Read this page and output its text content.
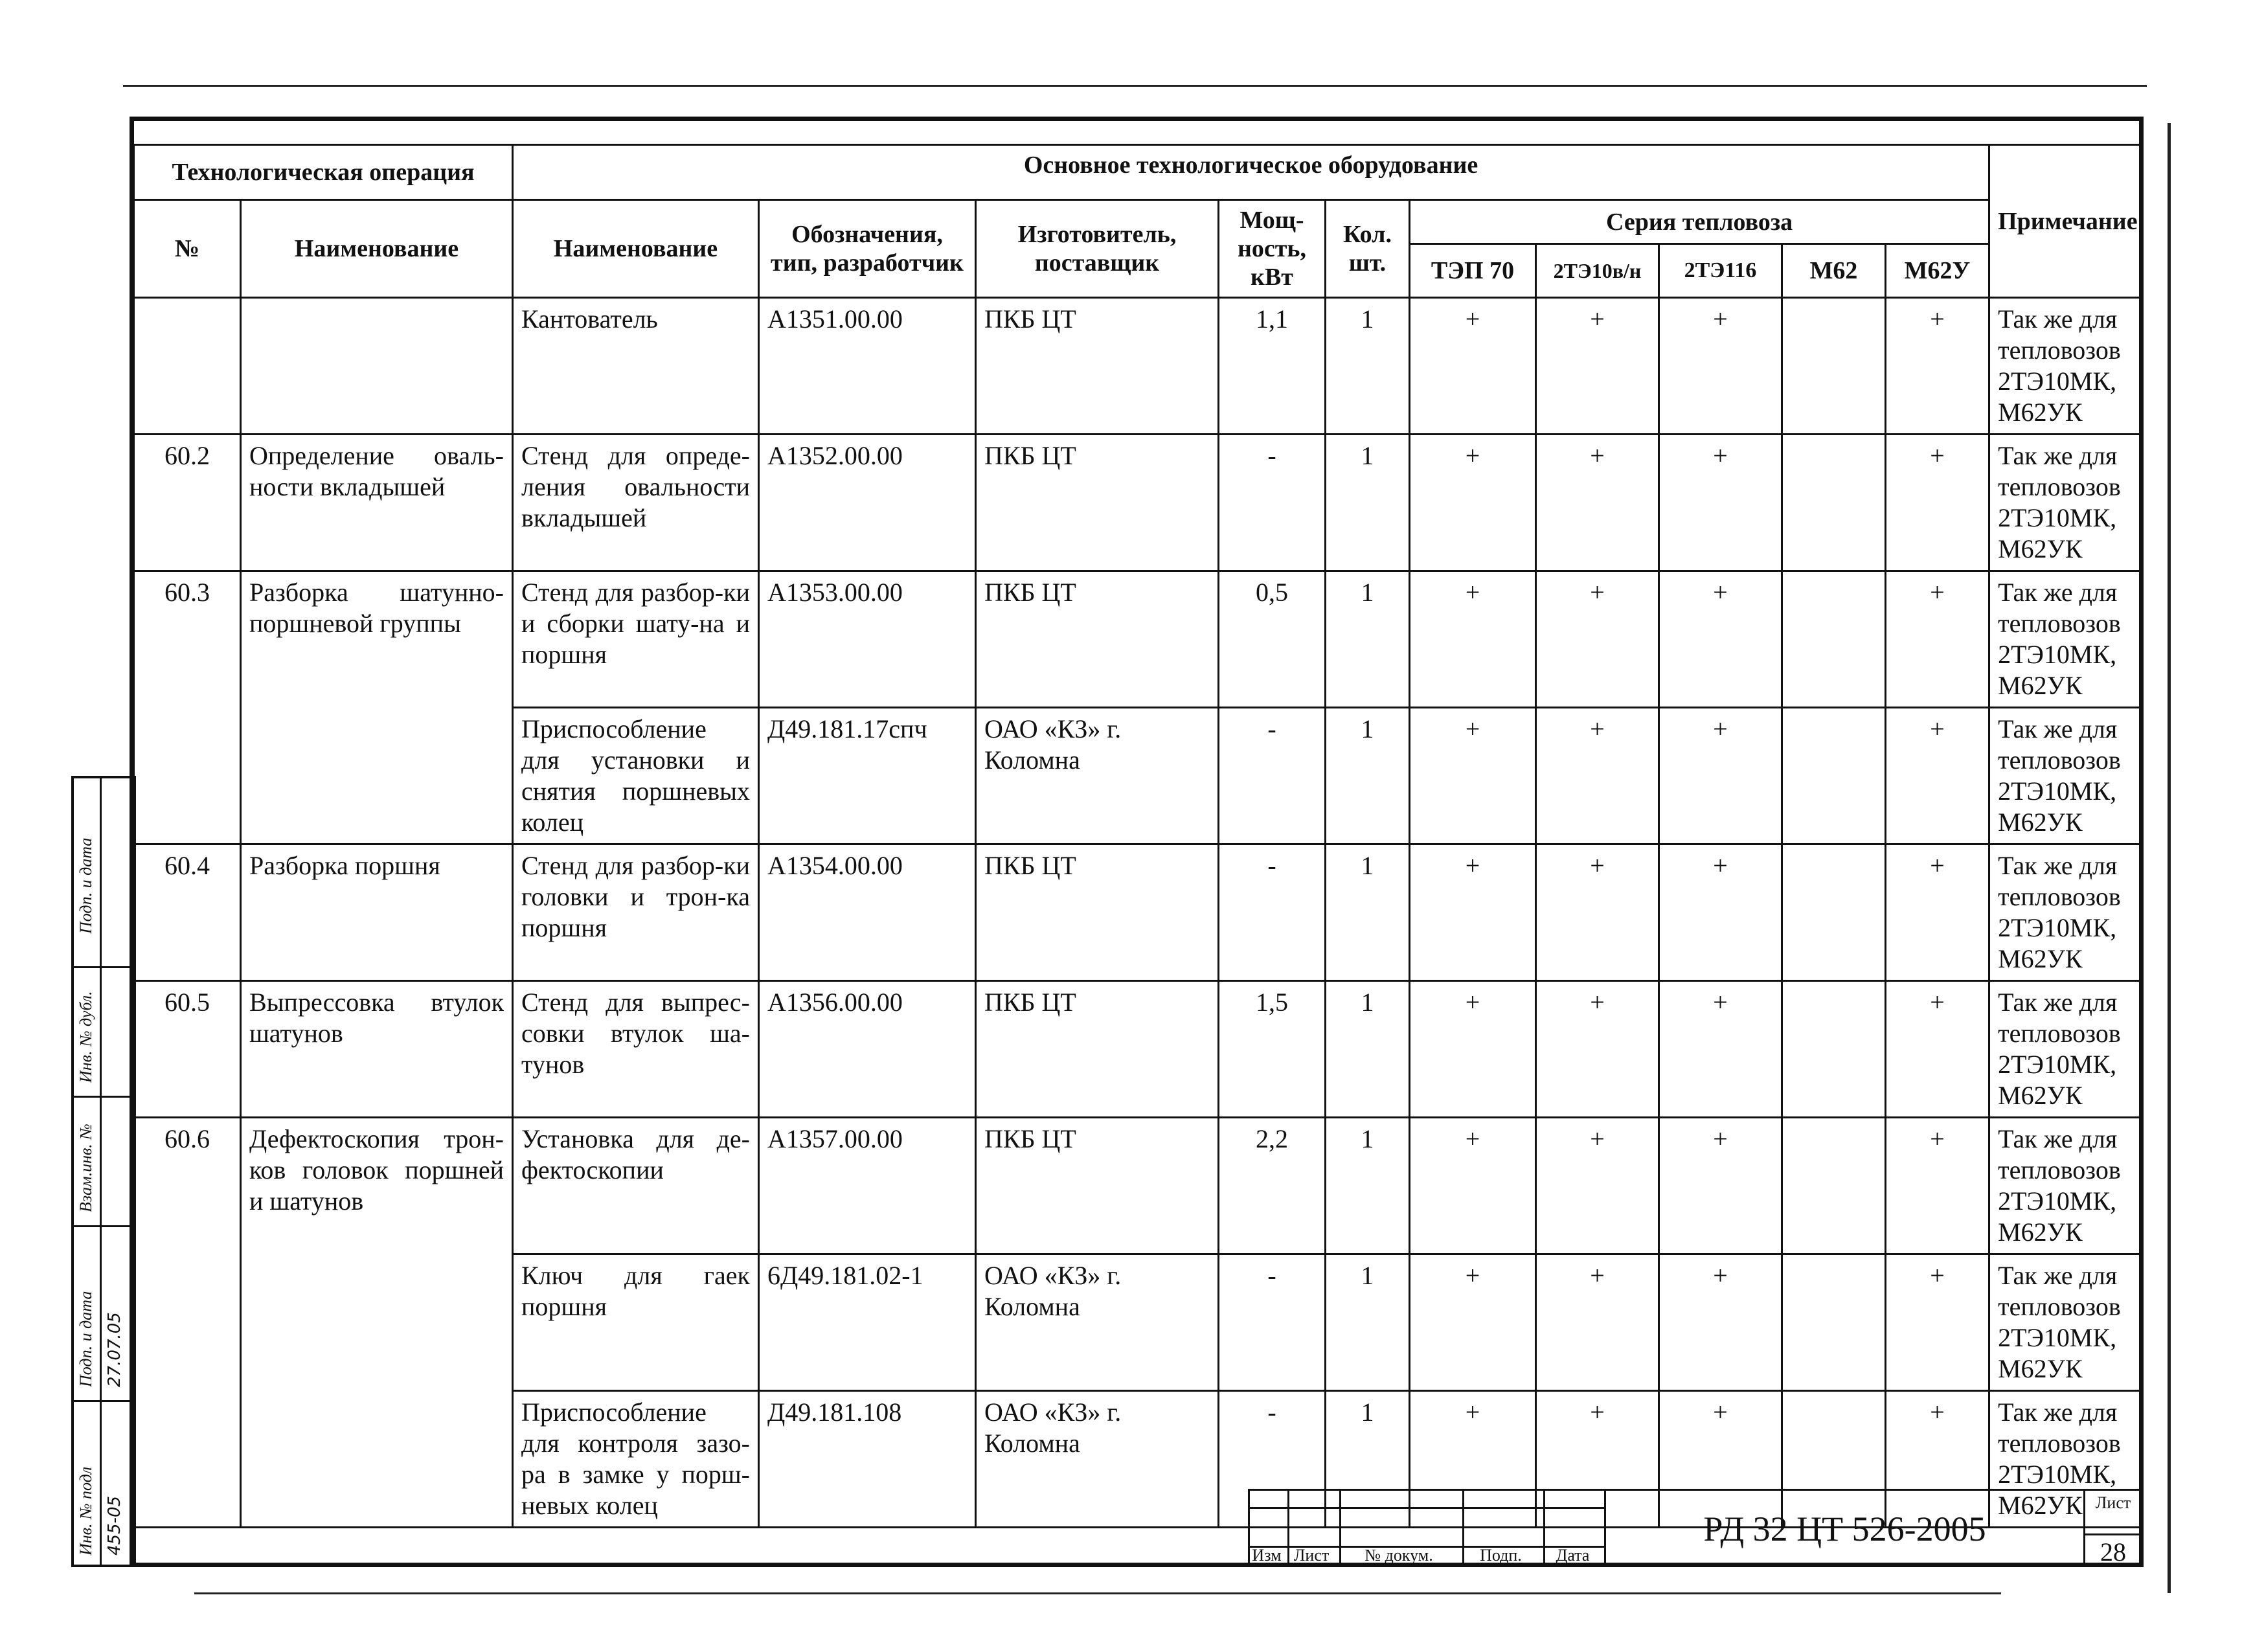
Технологическая операция		Основное технологическое оборудование										Примечание
№	Наименование	Наименование	Обозначения, тип, разработчик	Изготовитель, поставщик	Мощ-ность, кВт	Кол. шт.	Серия тепловоза					
							ТЭП 70	2ТЭ10в/н	2ТЭ116	М62	М62У	
		Кантователь	А1351.00.00	ПКБ ЦТ	1,1	1	+	+	+		+	Так же для тепловозов 2ТЭ10МК, М62УК
60.2	Определение оваль-ности вкладышей	Стенд для опреде-ления овальности вкладышей	А1352.00.00	ПКБ ЦТ	-	1	+	+	+		+	Так же для тепловозов 2ТЭ10МК, М62УК
60.3	Разборка шатунно-поршневой группы	Стенд для разбор-ки и сборки шату-на и поршня	А1353.00.00	ПКБ ЦТ	0,5	1	+	+	+		+	Так же для тепловозов 2ТЭ10МК, М62УК
		Приспособление для установки и снятия поршневых колец	Д49.181.17спч	ОАО «КЗ» г. Коломна	-	1	+	+	+		+	Так же для тепловозов 2ТЭ10МК, М62УК
60.4	Разборка поршня	Стенд для разбор-ки головки и трон-ка поршня	А1354.00.00	ПКБ ЦТ	-	1	+	+	+		+	Так же для тепловозов 2ТЭ10МК, М62УК
60.5	Выпрессовка втулок шатунов	Стенд для выпрес-совки втулок ша-тунов	А1356.00.00	ПКБ ЦТ	1,5	1	+	+	+		+	Так же для тепловозов 2ТЭ10МК, М62УК
60.6	Дефектоскопия трон-ков головок поршней и шатунов	Установка для де-фектоскопии	А1357.00.00	ПКБ ЦТ	2,2	1	+	+	+		+	Так же для тепловозов 2ТЭ10МК, М62УК
		Ключ для гаек поршня	6Д49.181.02-1	ОАО «КЗ» г. Коломна	-	1	+	+	+		+	Так же для тепловозов 2ТЭ10МК, М62УК
		Приспособление для контроля зазо-ра в замке у порш-невых колец	Д49.181.108	ОАО «КЗ» г. Коломна	-	1	+	+	+		+	Так же для тепловозов 2ТЭ10МК, М62УК
Подп. и дата
Инв. № дубл.
Взам.инв. №
Подп. и дата
Инв. № подл
27.07.05
455-05	Изм Лист	№ докум.	Подп.	Дата
РД 32 ЦТ 526-2005
Лист
28
